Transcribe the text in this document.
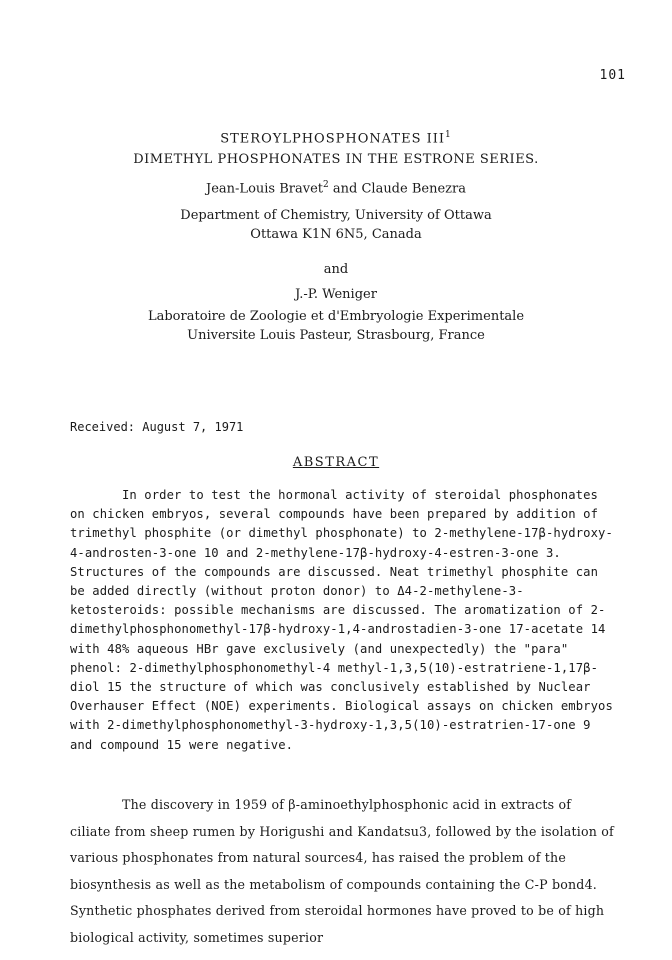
101
STEROYLPHOSPHONATES III$^1$
DIMETHYL PHOSPHONATES IN THE ESTRONE SERIES.
Jean-Louis Bravet$^2$ and Claude Benezra
Department of Chemistry, University of Ottawa
Ottawa K1N 6N5, Canada
and
J.-P. Weniger
Laboratoire de Zoologie et d'Embryologie Experimentale
Universite Louis Pasteur, Strasbourg, France
Received: August 7, 1971
ABSTRACT

In order to test the hormonal activity of steroidal phosphonates on chicken embryos, several compounds have been prepared by addition of trimethyl phosphite (or dimethyl phosphonate) to 2-methylene-17β-hydroxy-4-androsten-3-one 10 and 2-methylene-17β-hydroxy-4-estren-3-one 3. Structures of the compounds are discussed. Neat trimethyl phosphite can be added directly (without proton donor) to Δ4-2-methylene-3-ketosteroids: possible mechanisms are discussed. The aromatization of 2-dimethylphosphonomethyl-17β-hydroxy-1,4-androstadien-3-one 17-acetate 14 with 48% aqueous HBr gave exclusively (and unexpectedly) the "para" phenol: 2-dimethylphosphonomethyl-4 methyl-1,3,5(10)-estratriene-1,17β-diol 15 the structure of which was conclusively established by Nuclear Overhauser Effect (NOE) experiments. Biological assays on chicken embryos with 2-dimethylphosphonomethyl-3-hydroxy-1,3,5(10)-estratrien-17-one 9 and compound 15 were negative.

The discovery in 1959 of β-aminoethylphosphonic acid in extracts of ciliate from sheep rumen by Horigushi and Kandatsu3, followed by the isolation of various phosphonates from natural sources4, has raised the problem of the biosynthesis as well as the metabolism of compounds containing the C-P bond4. Synthetic phosphates derived from steroidal hormones have proved to be of high biological activity, sometimes superior
